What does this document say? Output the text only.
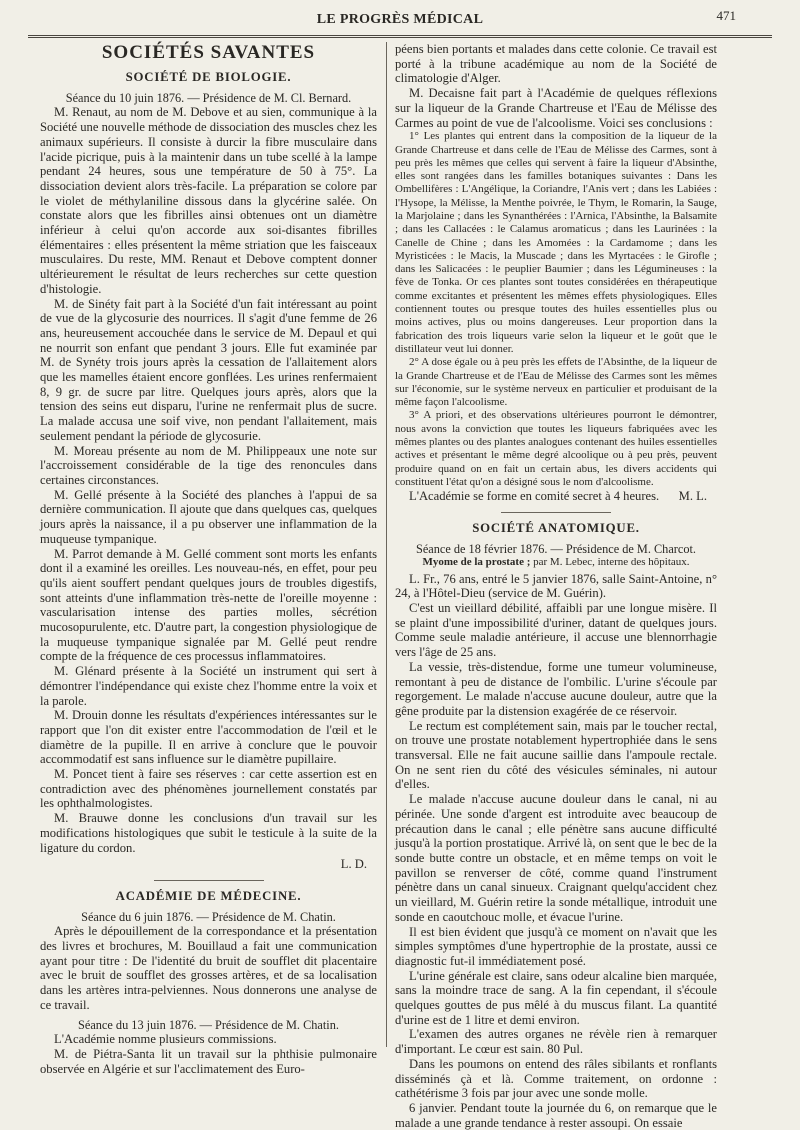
LE PROGRÈS MÉDICAL	471
SOCIÉTÉS SAVANTES
SOCIÉTÉ DE BIOLOGIE.

Séance du 10 juin 1876. — Présidence de M. Cl. Bernard.

M. Renaut, au nom de M. Debove et au sien, communique à la Société une nouvelle méthode de dissociation des muscles chez les animaux supérieurs. Il consiste à durcir la fibre musculaire dans l'acide picrique, puis à la maintenir dans un tube scellé à la lampe pendant 24 heures, sous une température de 50 à 75°. La dissociation devient alors très-facile. La préparation se colore par le violet de méthylaniline dissous dans la glycérine salée. On constate alors que les fibrilles ainsi obtenues ont un diamètre inférieur à celui qu'on accorde aux soi-disantes fibrilles élémentaires : elles présentent la même striation que les faisceaux musculaires. Du reste, MM. Renaut et Debove comptent donner ultérieurement le résultat de leurs recherches sur cette question d'histologie.

M. de Sinéty fait part à la Société d'un fait intéressant au point de vue de la glycosurie des nourrices. Il s'agit d'une femme de 26 ans, heureusement accouchée dans le service de M. Depaul et qui ne nourrit son enfant que pendant 3 jours. Elle fut examinée par M. de Synéty trois jours après la cessation de l'allaitement alors que les mamelles étaient encore gonflées. Les urines renfermaient 8, 9 gr. de sucre par litre. Quelques jours après, alors que la tension des seins eut disparu, l'urine ne renfermait plus de sucre. La malade accusa une soif vive, non pendant l'allaitement, mais seulement pendant la période de glycosurie.

M. Moreau présente au nom de M. Philippeaux une note sur l'accroissement considérable de la tige des renoncules dans certaines circonstances.

M. Gellé présente à la Société des planches à l'appui de sa dernière communication. Il ajoute que dans quelques cas, quelques jours après la naissance, il a pu observer une inflammation de la muqueuse tympanique.

M. Parrot demande à M. Gellé comment sont morts les enfants dont il a examiné les oreilles. Les nouveau-nés, en effet, pour peu qu'ils aient souffert pendant quelques jours de troubles digestifs, sont atteints d'une inflammation très-nette de l'oreille moyenne : vascularisation intense des parties molles, sécrétion mucosopurulente, etc. D'autre part, la congestion physiologique de la muqueuse tympanique signalée par M. Gellé peut rendre compte de la fréquence de ces processus inflammatoires.

M. Glénard présente à la Société un instrument qui sert à démontrer l'indépendance qui existe chez l'homme entre la voix et la parole.

M. Drouin donne les résultats d'expériences intéressantes sur le rapport que l'on dit exister entre l'accommodation de l'œil et le diamètre de la pupille. Il en arrive à conclure que le pouvoir accommodatif est sans influence sur le diamètre pupillaire.

M. Poncet tient à faire ses réserves : car cette assertion est en contradiction avec des phénomènes journellement constatés par les ophthalmologistes.

M. Brauwe donne les conclusions d'un travail sur les modifications histologiques que subit le testicule à la suite de la ligature du cordon.

L. D.
ACADÉMIE DE MÉDECINE.

Séance du 6 juin 1876. — Présidence de M. Chatin.

Après le dépouillement de la correspondance et la présentation des livres et brochures, M. Bouillaud a fait une communication ayant pour titre : De l'identité du bruit de soufflet dit placentaire avec le bruit de soufflet des grosses artères, et de sa localisation dans les artères intra-pelviennes. Nous donnerons une analyse de ce travail.

Séance du 13 juin 1876. — Présidence de M. Chatin.

L'Académie nomme plusieurs commissions.

M. de Piétra-Santa lit un travail sur la phthisie pulmonaire observée en Algérie et sur l'acclimatement des Euro-

péens bien portants et malades dans cette colonie. Ce travail est porté à la tribune académique au nom de la Société de climatologie d'Alger.

M. Decaisne fait part à l'Académie de quelques réflexions sur la liqueur de la Grande Chartreuse et l'Eau de Mélisse des Carmes au point de vue de l'alcoolisme. Voici ses conclusions :

1° Les plantes qui entrent dans la composition de la liqueur de la Grande Chartreuse et dans celle de l'Eau de Mélisse des Carmes, sont à peu près les mêmes que celles qui servent à faire la liqueur d'Absinthe, elles sont rangées dans les familles botaniques suivantes : Dans les Ombellifères : L'Angélique, la Coriandre, l'Anis vert ; dans les Labiées : l'Hysope, la Mélisse, la Menthe poivrée, le Thym, le Romarin, la Sauge, la Marjolaine ; dans les Synanthérées : l'Arnica, l'Absinthe, la Balsamite ; dans les Callacées : le Calamus aromaticus ; dans les Laurinées : la Canelle de Chine ; dans les Amomées : la Cardamome ; dans les Myristicées : le Macis, la Muscade ; dans les Myrtacées : le Girofle ; dans les Salicacées : le peuplier Baumier ; dans les Légumineuses : la fève de Tonka. Or ces plantes sont toutes considérées en thérapeutique comme excitantes et présentent les mêmes effets physiologiques. Elles contiennent toutes ou presque toutes des huiles essentielles plus ou moins actives, plus ou moins dangereuses. Leur proportion dans la fabrication des trois liqueurs varie selon la liqueur et le goût que le distillateur veut lui donner.

2° A dose égale ou à peu près les effets de l'Absinthe, de la liqueur de la Grande Chartreuse et de l'Eau de Mélisse des Carmes sont les mêmes sur l'économie, sur le système nerveux en particulier et produisant de la même façon l'alcoolisme.

3° A priori, et des observations ultérieures pourront le démontrer, nous avons la conviction que toutes les liqueurs fabriquées avec les mêmes plantes ou des plantes analogues contenant des huiles essentielles actives et présentant le même degré alcoolique ou à peu près, peuvent produire quand on en fait un certain abus, les divers accidents qui constituent l'état qu'on a désigné sous le nom d'alcoolisme.

L'Académie se forme en comité secret à 4 heures.	M. L.

SOCIÉTÉ ANATOMIQUE.

Séance de 18 février 1876. — Présidence de M. Charcot.

Myome de la prostate ; par M. Lebec, interne des hôpitaux.

L. Fr., 76 ans, entré le 5 janvier 1876, salle Saint-Antoine, n° 24, à l'Hôtel-Dieu (service de M. Guérin).

C'est un vieillard débilité, affaibli par une longue misère. Il se plaint d'une impossibilité d'uriner, datant de quelques jours. Comme seule maladie antérieure, il accuse une blennorrhagie vers l'âge de 25 ans.

La vessie, très-distendue, forme une tumeur volumineuse, remontant à peu de distance de l'ombilic. L'urine s'écoule par regorgement. Le malade n'accuse aucune douleur, autre que la gêne produite par la distension exagérée de ce réservoir.

Le rectum est complétement sain, mais par le toucher rectal, on trouve une prostate notablement hypertrophiée dans le sens transversal. Elle ne fait aucune saillie dans l'ampoule rectale. On ne sent rien du côté des vésicules séminales, ni autour d'elles.

Le malade n'accuse aucune douleur dans le canal, ni au périnée. Une sonde d'argent est introduite avec beaucoup de précaution dans le canal ; elle pénètre sans aucune difficulté jusqu'à la portion prostatique. Arrivé là, on sent que le bec de la sonde butte contre un obstacle, et en même temps on voit le pavillon se renverser de côté, comme quand l'instrument pénètre dans un canal sinueux. Craignant quelqu'accident chez un vieillard, M. Guérin retire la sonde métallique, introduit une sonde en caoutchouc molle, et évacue l'urine.

Il est bien évident que jusqu'à ce moment on n'avait que les simples symptômes d'une hypertrophie de la prostate, aussi ce diagnostic fut-il immédiatement posé.

L'urine générale est claire, sans odeur alcaline bien marquée, sans la moindre trace de sang. A la fin cependant, il s'écoule quelques gouttes de pus mêlé à du muscus filant. La quantité d'urine est de 1 litre et demi environ.

L'examen des autres organes ne révèle rien à remarquer d'important. Le cœur est sain. 80 Pul.

Dans les poumons on entend des râles sibilants et ronflants disséminés çà et là. Comme traitement, on ordonne : cathétérisme 3 fois par jour avec une sonde molle.

6 janvier. Pendant toute la journée du 6, on remarque que le malade a une grande tendance à rester assoupi. On essaie
